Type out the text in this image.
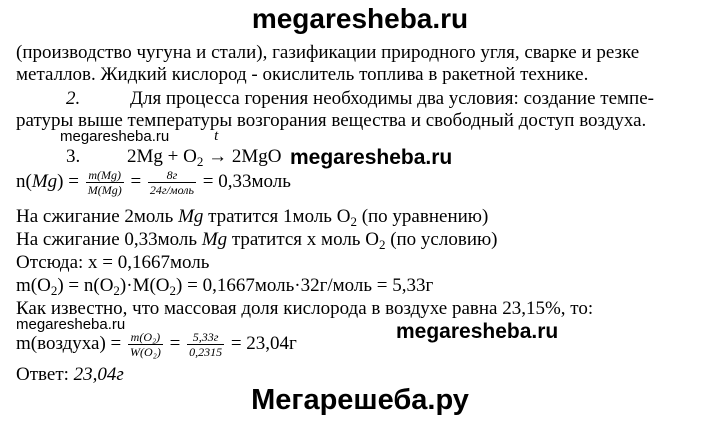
megaresheba.ru
(производство чугуна и стали), газификации природного угля, сварке и резке
металлов. Жидкий кислород - окислитель топлива в ракетной технике.
2.	Для процесса горения необходимы два условия: создание темпе-
ратуры выше температуры возгорания вещества и свободный доступ воздуха.
megaresheba.ru
3. $2Mg + O_2$
t
→ 2MgO megaresheba.ru
$n(Mg) = \frac{m(Mg)}{M(Mg)} = \frac{8г}{\text{24г/моль}}$ = 0,33моль
На сжигание 2моль Mg тратится 1моль $O_2$ (по уравнению)
На сжигание 0,33моль Mg тратится x моль $O_2$ (по условию)
Отсюда: x = 0,1667моль
$m(O_2) = n(O_2)\cdot M(O_2)$ = 0,1667моль·32г/моль = 5,33г
Как известно, что массовая доля кислорода в воздухе равна 23,15%, то:
megaresheba.ru	megaresheba.ru
m(воздуха) = $\frac{\text{m(O₂)}}{\text{W(O₂)}} = \frac{5,33г}{0,2315} = 23,04г$
Ответ: 23,04г
Мегарешеба.ру
